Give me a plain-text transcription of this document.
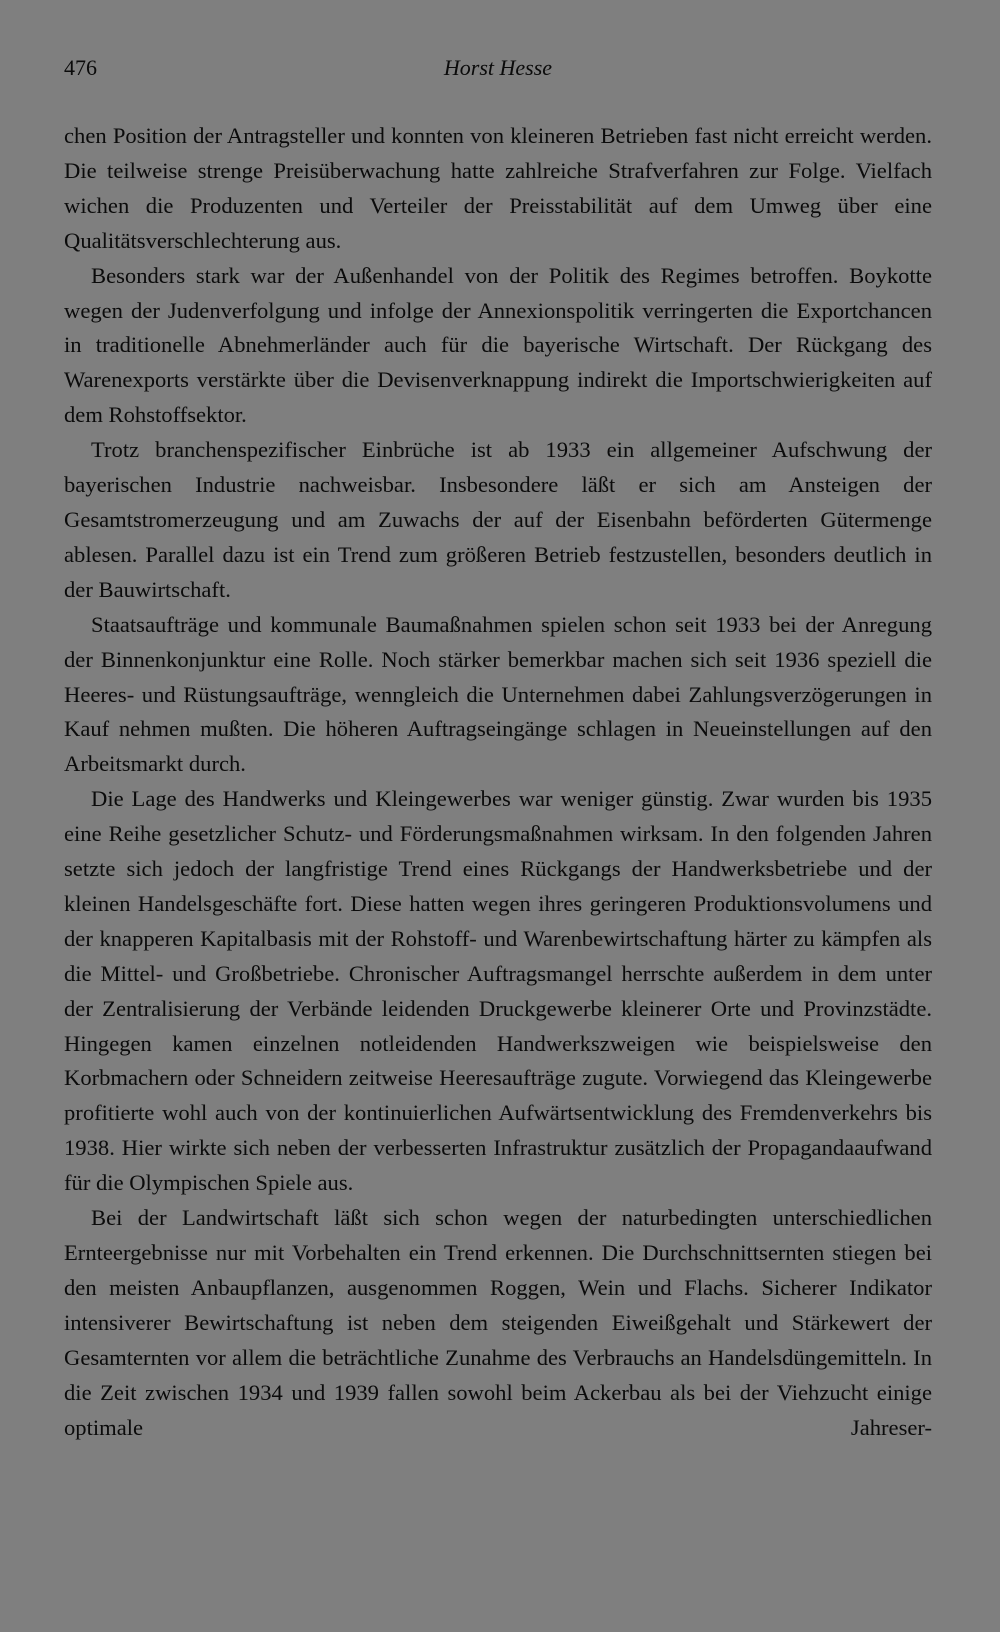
476	Horst Hesse

chen Position der Antragsteller und konnten von kleineren Betrieben fast nicht erreicht werden. Die teilweise strenge Preisüberwachung hatte zahlreiche Strafverfahren zur Folge. Vielfach wichen die Produzenten und Verteiler der Preisstabilität auf dem Umweg über eine Qualitätsverschlechterung aus.

Besonders stark war der Außenhandel von der Politik des Regimes betroffen. Boykotte wegen der Judenverfolgung und infolge der Annexionspolitik verringerten die Exportchancen in traditionelle Abnehmerländer auch für die bayerische Wirtschaft. Der Rückgang des Warenexports verstärkte über die Devisenverknappung indirekt die Importschwierigkeiten auf dem Rohstoffsektor.

Trotz branchenspezifischer Einbrüche ist ab 1933 ein allgemeiner Aufschwung der bayerischen Industrie nachweisbar. Insbesondere läßt er sich am Ansteigen der Gesamtstromerzeugung und am Zuwachs der auf der Eisenbahn beförderten Gütermenge ablesen. Parallel dazu ist ein Trend zum größeren Betrieb festzustellen, besonders deutlich in der Bauwirtschaft.

Staatsaufträge und kommunale Baumaßnahmen spielen schon seit 1933 bei der Anregung der Binnenkonjunktur eine Rolle. Noch stärker bemerkbar machen sich seit 1936 speziell die Heeres- und Rüstungsaufträge, wenngleich die Unternehmen dabei Zahlungsverzögerungen in Kauf nehmen mußten. Die höheren Auftragseingänge schlagen in Neueinstellungen auf den Arbeitsmarkt durch.

Die Lage des Handwerks und Kleingewerbes war weniger günstig. Zwar wurden bis 1935 eine Reihe gesetzlicher Schutz- und Förderungsmaßnahmen wirksam. In den folgenden Jahren setzte sich jedoch der langfristige Trend eines Rückgangs der Handwerksbetriebe und der kleinen Handelsgeschäfte fort. Diese hatten wegen ihres geringeren Produktionsvolumens und der knapperen Kapitalbasis mit der Rohstoff- und Warenbewirtschaftung härter zu kämpfen als die Mittel- und Großbetriebe. Chronischer Auftragsmangel herrschte außerdem in dem unter der Zentralisierung der Verbände leidenden Druckgewerbe kleinerer Orte und Provinzstädte. Hingegen kamen einzelnen notleidenden Handwerkszweigen wie beispielsweise den Korbmachern oder Schneidern zeitweise Heeresaufträge zugute. Vorwiegend das Kleingewerbe profitierte wohl auch von der kontinuierlichen Aufwärtsentwicklung des Fremdenverkehrs bis 1938. Hier wirkte sich neben der verbesserten Infrastruktur zusätzlich der Propagandaaufwand für die Olympischen Spiele aus.

Bei der Landwirtschaft läßt sich schon wegen der naturbedingten unterschiedlichen Ernteergebnisse nur mit Vorbehalten ein Trend erkennen. Die Durchschnittsernten stiegen bei den meisten Anbaupflanzen, ausgenommen Roggen, Wein und Flachs. Sicherer Indikator intensiverer Bewirtschaftung ist neben dem steigenden Eiweißgehalt und Stärkewert der Gesamternten vor allem die beträchtliche Zunahme des Verbrauchs an Handelsdüngemitteln. In die Zeit zwischen 1934 und 1939 fallen sowohl beim Ackerbau als bei der Viehzucht einige optimale Jahreser-
